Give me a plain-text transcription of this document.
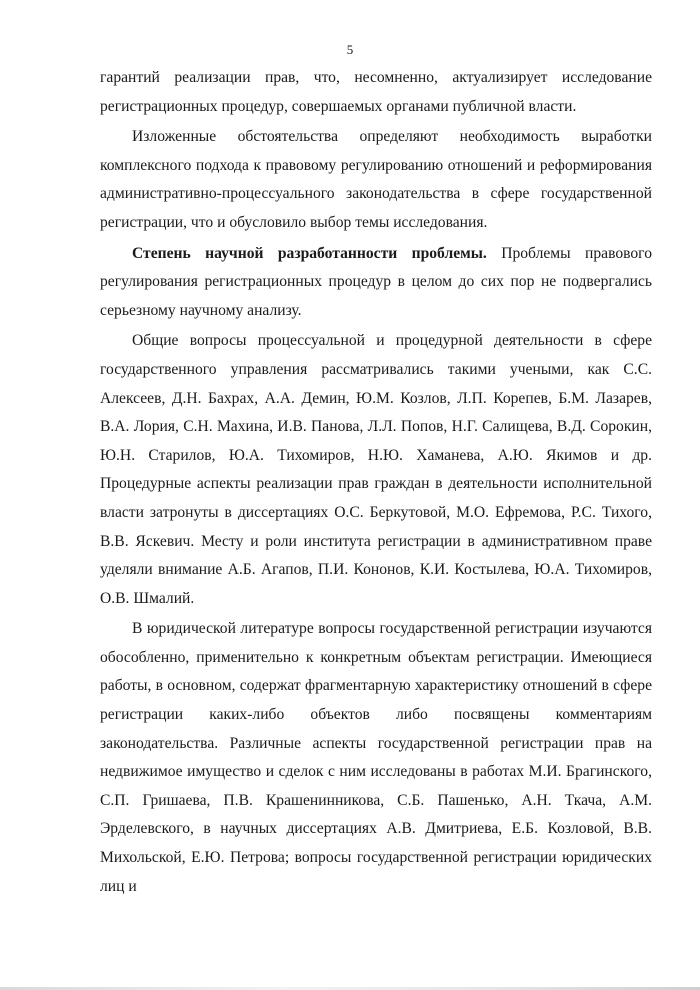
5

гарантий реализации прав, что, несомненно, актуализирует исследование регистрационных процедур, совершаемых органами публичной власти.

Изложенные обстоятельства определяют необходимость выработки комплексного подхода к правовому регулированию отношений и реформирования административно-процессуального законодательства в сфере государственной регистрации, что и обусловило выбор темы исследования.

Степень научной разработанности проблемы. Проблемы правового регулирования регистрационных процедур в целом до сих пор не подвергались серьезному научному анализу.

Общие вопросы процессуальной и процедурной деятельности в сфере государственного управления рассматривались такими учеными, как С.С. Алексеев, Д.Н. Бахрах, А.А. Демин, Ю.М. Козлов, Л.П. Корепев, Б.М. Лазарев, В.А. Лория, С.Н. Махина, И.В. Панова, Л.Л. Попов, Н.Г. Салищева, В.Д. Сорокин, Ю.Н. Старилов, Ю.А. Тихомиров, Н.Ю. Хаманева, А.Ю. Якимов и др. Процедурные аспекты реализации прав граждан в деятельности исполнительной власти затронуты в диссертациях О.С. Беркутовой, М.О. Ефремова, Р.С. Тихого, В.В. Яскевич. Месту и роли института регистрации в административном праве уделяли внимание А.Б. Агапов, П.И. Кононов, К.И. Костылева, Ю.А. Тихомиров, О.В. Шмалий.

В юридической литературе вопросы государственной регистрации изучаются обособленно, применительно к конкретным объектам регистрации. Имеющиеся работы, в основном, содержат фрагментарную характеристику отношений в сфере регистрации каких-либо объектов либо посвящены комментариям законодательства. Различные аспекты государственной регистрации прав на недвижимое имущество и сделок с ним исследованы в работах М.И. Брагинского, С.П. Гришаева, П.В. Крашенинникова, С.Б. Пашенько, А.Н. Ткача, А.М. Эрделевского, в научных диссертациях А.В. Дмитриева, Е.Б. Козловой, В.В. Михольской, Е.Ю. Петрова; вопросы государственной регистрации юридических лиц и
